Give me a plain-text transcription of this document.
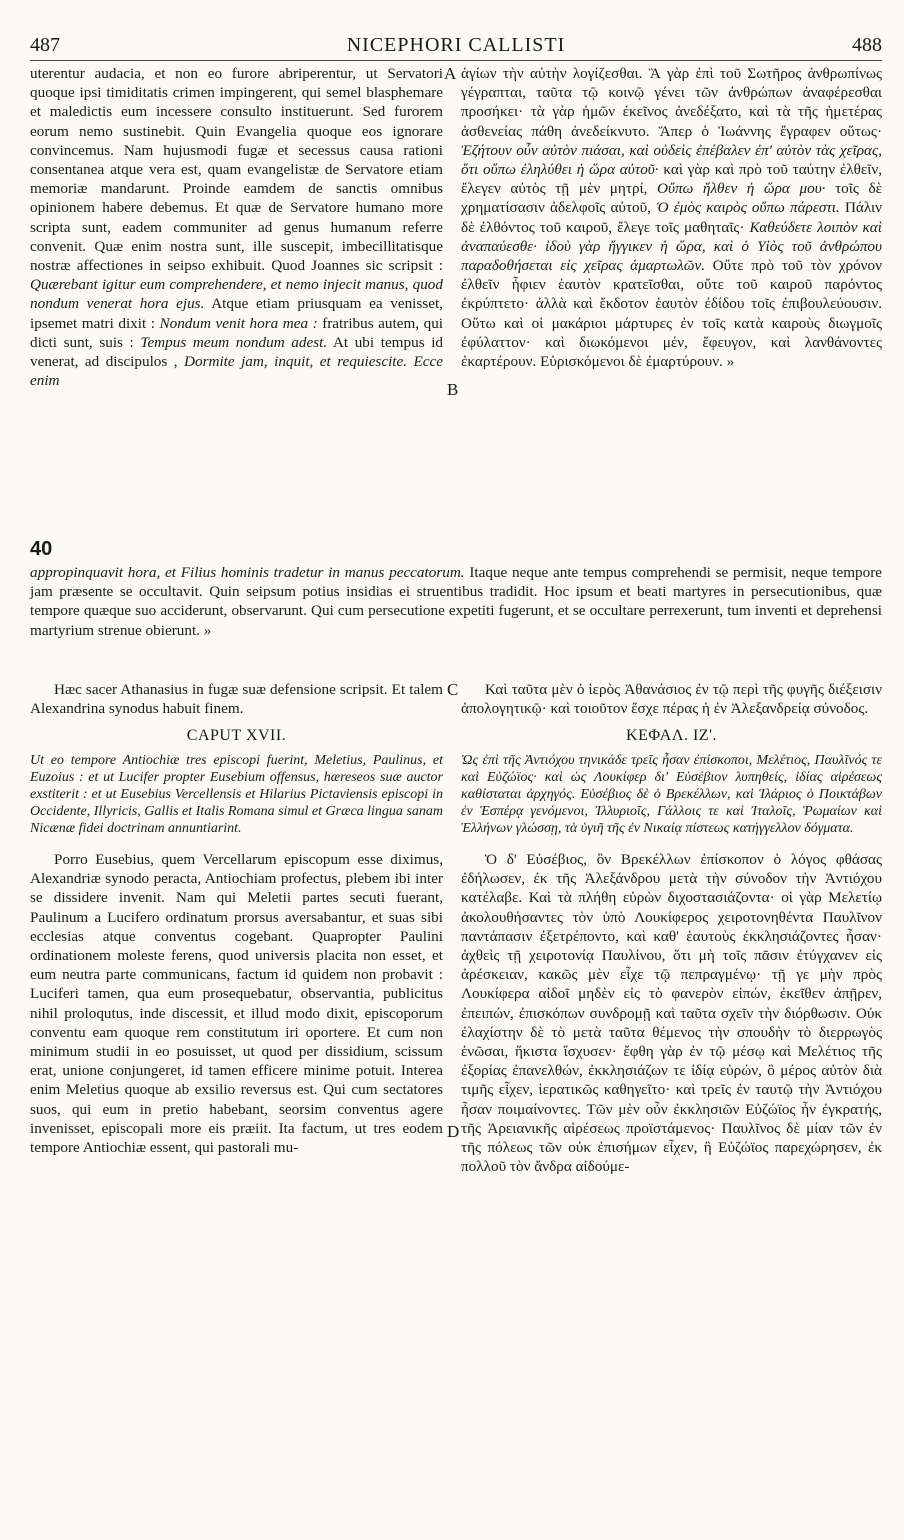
487	NICEPHORI CALLISTI	488

uterentur audacia, et non eo furore abriperentur, ut Servatori quoque ipsi timiditatis crimen impingerent, qui semel blasphemare et maledictis eum incessere consulto instituerunt. Sed furorem eorum nemo sustinebit. Quin Evangelia quoque eos ignorare convincemus. Nam hujusmodi fugæ et secessus causa rationi consentanea atque vera est, quam evangelistæ de Servatore etiam memoriæ mandarunt. Proinde eamdem de sanctis omnibus opinionem habere debemus. Et quæ de Servatore humano more scripta sunt, eadem communiter ad genus humanum referre convenit. Quæ enim nostra sunt, ille suscepit, imbecillitatisque nostræ affectiones in seipso exhibuit. Quod Joannes sic scripsit : Quærebant igitur eum comprehendere, et nemo injecit manus, quod nondum venerat hora ejus. Atque etiam priusquam ea venisset, ipsemet matri dixit : Nondum venit hora mea : fratribus autem, qui dicti sunt, suis : Tempus meum nondum adest. At ubi tempus id venerat, ad discipulos , Dormite jam, inquit, et requiescite. Ecce enim

A
B
40

ἁγίων τὴν αὐτὴν λογίζεσθαι. Ἃ γὰρ ἐπὶ τοῦ Σωτῆρος ἀνθρωπίνως γέγραπται, ταῦτα τῷ κοινῷ γένει τῶν ἀνθρώπων ἀναφέρεσθαι προσήκει· τὰ γὰρ ἡμῶν ἐκεῖνος ἀνεδέξατο, καὶ τὰ τῆς ἡμετέρας ἀσθενείας πάθη ἀνεδείκνυτο. Ἅπερ ὁ Ἰωάννης ἔγραφεν οὕτως· Ἐζήτουν οὖν αὐτὸν πιάσαι, καὶ οὐδεὶς ἐπέβαλεν ἐπ' αὐτὸν τὰς χεῖρας, ὅτι οὔπω ἐληλύθει ἡ ὥρα αὐτοῦ· καὶ γὰρ καὶ πρὸ τοῦ ταύτην ἐλθεῖν, ἔλεγεν αὐτὸς τῇ μὲν μητρί, Οὔπω ἥλθεν ἡ ὥρα μου· τοῖς δὲ χρηματίσασιν ἀδελφοῖς αὐτοῦ, Ὁ ἐμὸς καιρὸς οὔπω πάρεστι. Πάλιν δὲ ἐλθόντος τοῦ καιροῦ, ἔλεγε τοῖς μαθηταῖς· Καθεύδετε λοιπὸν καὶ ἀναπαύεσθε· ἰδοὺ γὰρ ἤγγικεν ἡ ὥρα, καὶ ὁ Υἱὸς τοῦ ἀνθρώπου παραδοθήσεται εἰς χεῖρας ἁμαρτωλῶν. Οὔτε πρὸ τοῦ τὸν χρόνον ἐλθεῖν ἧφιεν ἑαυτὸν κρατεῖσθαι, οὔτε τοῦ καιροῦ παρόντος ἐκρύπτετο· ἀλλὰ καὶ ἔκδοτον ἑαυτὸν ἐδίδου τοῖς ἐπιβουλεύουσιν. Οὕτω καὶ οἱ μακάριοι μάρτυρες ἐν τοῖς κατὰ καιροὺς διωγμοῖς ἐφύλαττον· καὶ διωκόμενοι μέν, ἔφευγον, καὶ λανθάνοντες ἐκαρτέρουν. Εὑρισκόμενοι δὲ ἐμαρτύρουν. »

appropinquavit hora, et Filius hominis tradetur in manus peccatorum. Itaque neque ante tempus comprehendi se permisit, neque tempore jam præsente se occultavit. Quin seipsum potius insidias ei struentibus tradidit. Hoc ipsum et beati martyres in persecutionibus, quæ tempore quæque suo acciderunt, observarunt. Qui cum persecutione expetiti fugerunt, et se occultare perrexerunt, tum inventi et deprehensi martyrium strenue obierunt. »

Hæc sacer Athanasius in fugæ suæ defensione scripsit. Et talem Alexandrina synodus habuit finem.

CAPUT XVII.

Ut eo tempore Antiochiæ tres episcopi fuerint, Meletius, Paulinus, et Euzoius : et ut Lucifer propter Eusebium offensus, hæreseos suæ auctor exstiterit : et ut Eusebius Vercellensis et Hilarius Pictaviensis episcopi in Occidente, Illyricis, Gallis et Italis Romana simul et Græca lingua sanam Nicænæ fidei doctrinam annuntiarint.

C	Καὶ ταῦτα μὲν ὁ ἱερὸς Ἀθανάσιος ἐν τῷ περὶ τῆς φυγῆς διέξεισιν ἀπολογητικῷ· καὶ τοιοῦτον ἔσχε πέρας ἡ ἐν Ἀλεξανδρείᾳ σύνοδος.

ΚΕΦΑΛ. ΙΖ'.

Ὡς ἐπὶ τῆς Ἀντιόχου τηνικάδε τρεῖς ἦσαν ἐπίσκοποι, Μελέτιος, Παυλῖνός τε καὶ Εὐζώϊος· καὶ ὡς Λουκίφερ δι' Εὐσέβιον λυπηθείς, ἰδίας αἱρέσεως καθίσταται ἀρχηγός. Εὐσέβιος δὲ ὁ Βρεκέλλων, καὶ Ἱλάριος ὁ Ποικτάβων ἐν Ἑσπέρᾳ γενόμενοι, Ἰλλυριοῖς, Γάλλοις τε καὶ Ἰταλοῖς, Ῥωμαίων καὶ Ἑλλήνων γλώσσῃ, τὰ ὑγιῆ τῆς ἐν Νικαίᾳ πίστεως κατήγγελλον δόγματα.

Porro Eusebius, quem Vercellarum episcopum esse diximus, Alexandriæ synodo peracta, Antiochiam profectus, plebem ibi inter se dissidere invenit. Nam qui Meletii partes secuti fuerant, Paulinum a Lucifero ordinatum prorsus aversabantur, et suas sibi ecclesias atque conventus cogebant. Quapropter Paulini ordinationem moleste ferens, quod universis placita non esset, et eum neutra parte communicans, factum id quidem non probavit : Luciferi tamen, qua eum prosequebatur, observantia, publicitus nihil proloqutus, inde discessit, et illud modo dixit, episcoporum conventu eam quoque rem constitutum iri oportere. Et cum non minimum studii in eo posuisset, ut quod per dissidium, scissum erat, unione conjungeret, id tamen efficere minime potuit. Interea enim Meletius quoque ab exsilio reversus est. Qui cum sectatores suos, qui eum in pretio habebant, seorsim conventus agere invenisset, episcopali more eis præiit. Ita factum, ut tres eodem tempore Antiochiæ essent, qui pastorali mu-

D

Ὁ δ' Εὐσέβιος, ὃν Βρεκέλλων ἐπίσκοπον ὁ λόγος φθάσας ἐδήλωσεν, ἐκ τῆς Ἀλεξάνδρου μετὰ τὴν σύνοδον τὴν Ἀντιόχου κατέλαβε. Καὶ τὰ πλήθη εὑρὼν διχοστασιάζοντα· οἱ γὰρ Μελετίῳ ἀκολουθήσαντες τὸν ὑπὸ Λουκίφερος χειροτονηθέντα Παυλῖνον παντάπασιν ἐξετρέποντο, καὶ καθ' ἑαυτοὺς ἐκκλησιάζοντες ἦσαν· ἀχθεὶς τῇ χειροτονίᾳ Παυλίνου, ὅτι μὴ τοῖς πᾶσιν ἐτύγχανεν εἰς ἀρέσκειαν, κακῶς μὲν εἶχε τῷ πεπραγμένῳ· τῇ γε μὴν πρὸς Λουκίφερα αἰδοῖ μηδὲν εἰς τὸ φανερὸν εἰπών, ἐκεῖθεν ἀπῇρεν, ἐπειπών, ἐπισκόπων συνδρομῇ καὶ ταῦτα σχεῖν τὴν διόρθωσιν. Οὐκ ἐλαχίστην δὲ τὸ μετὰ ταῦτα θέμενος τὴν σπουδὴν τὸ διερρωγὸς ἑνῶσαι, ἥκιστα ἴσχυσεν· ἔφθη γὰρ ἐν τῷ μέσῳ καὶ Μελέτιος τῆς ἐξορίας ἐπανελθών, ἐκκλησιάζων τε ἰδίᾳ εὑρών, ὃ μέρος αὐτὸν διὰ τιμῆς εἶχεν, ἱερατικῶς καθηγεῖτο· καὶ τρεῖς ἐν ταυτῷ τὴν Ἀντιόχου ἦσαν ποιμαίνοντες. Τῶν μὲν οὖν ἐκκλησιῶν Εὐζώϊος ἦν ἐγκρατής, τῆς Ἀρειανικῆς αἱρέσεως προϊστάμενος· Παυλῖνος δὲ μίαν τῶν ἐν τῆς πόλεως τῶν οὐκ ἐπισήμων εἶχεν, ἣ Εὐζώϊος παρεχώρησεν, ἐκ πολλοῦ τὸν ἄνδρα αἰδούμε-
